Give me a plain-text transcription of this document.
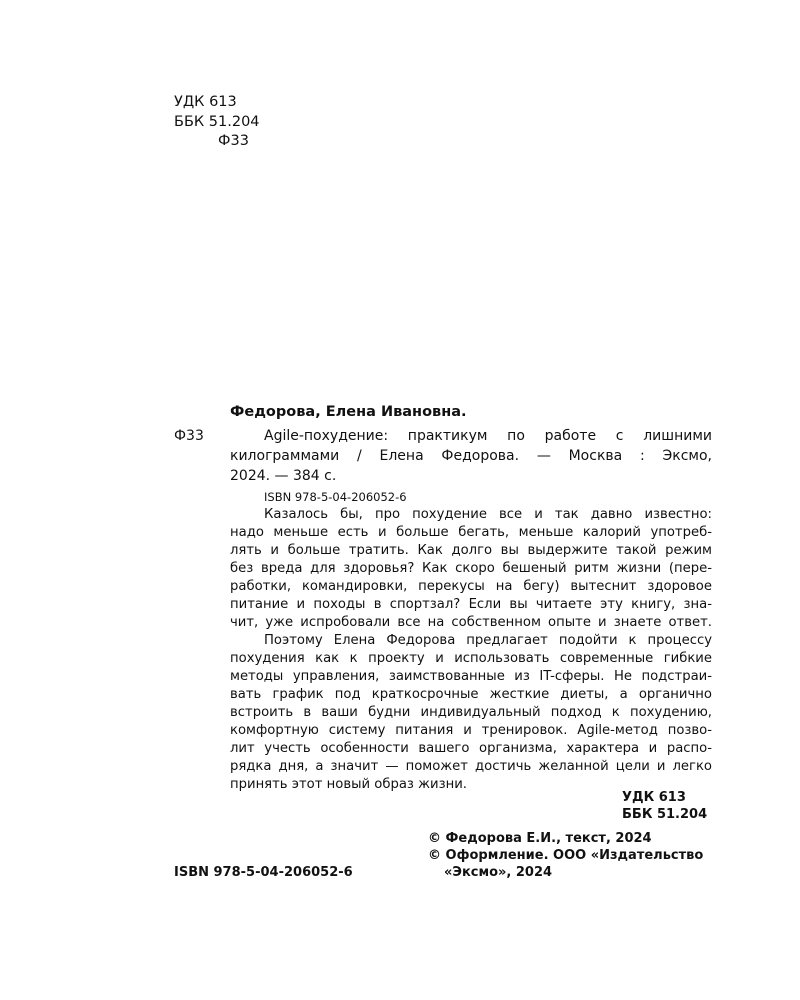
УДК 613
ББК 51.204
Ф33
Федорова, Елена Ивановна.
Ф33	Agile-похудение: практикум по работе с лишними
килограммами / Елена Федорова. — Москва : Эксмо,
2024. — 384 с.
ISBN 978-5-04-206052-6
Казалось бы, про похудение все и так давно известно:
надо меньше есть и больше бегать, меньше калорий употреб-
лять и больше тратить. Как долго вы выдержите такой режим
без вреда для здоровья? Как скоро бешеный ритм жизни (пере-
работки, командировки, перекусы на бегу) вытеснит здоровое
питание и походы в спортзал? Если вы читаете эту книгу, зна-
чит, уже испробовали все на собственном опыте и знаете ответ.
Поэтому Елена Федорова предлагает подойти к процессу
похудения как к проекту и использовать современные гибкие
методы управления, заимствованные из IT-сферы. Не подстраи-
вать график под краткосрочные жесткие диеты, а органично
встроить в ваши будни индивидуальный подход к похудению,
комфортную систему питания и тренировок. Agile-метод позво-
лит учесть особенности вашего организма, характера и распо-
рядка дня, а значит — поможет достичь желанной цели и легко
принять этот новый образ жизни.
УДК 613
ББК 51.204
© Федорова Е.И., текст, 2024
© Оформление. ООО «Издательство
«Эксмо», 2024
ISBN 978-5-04-206052-6
